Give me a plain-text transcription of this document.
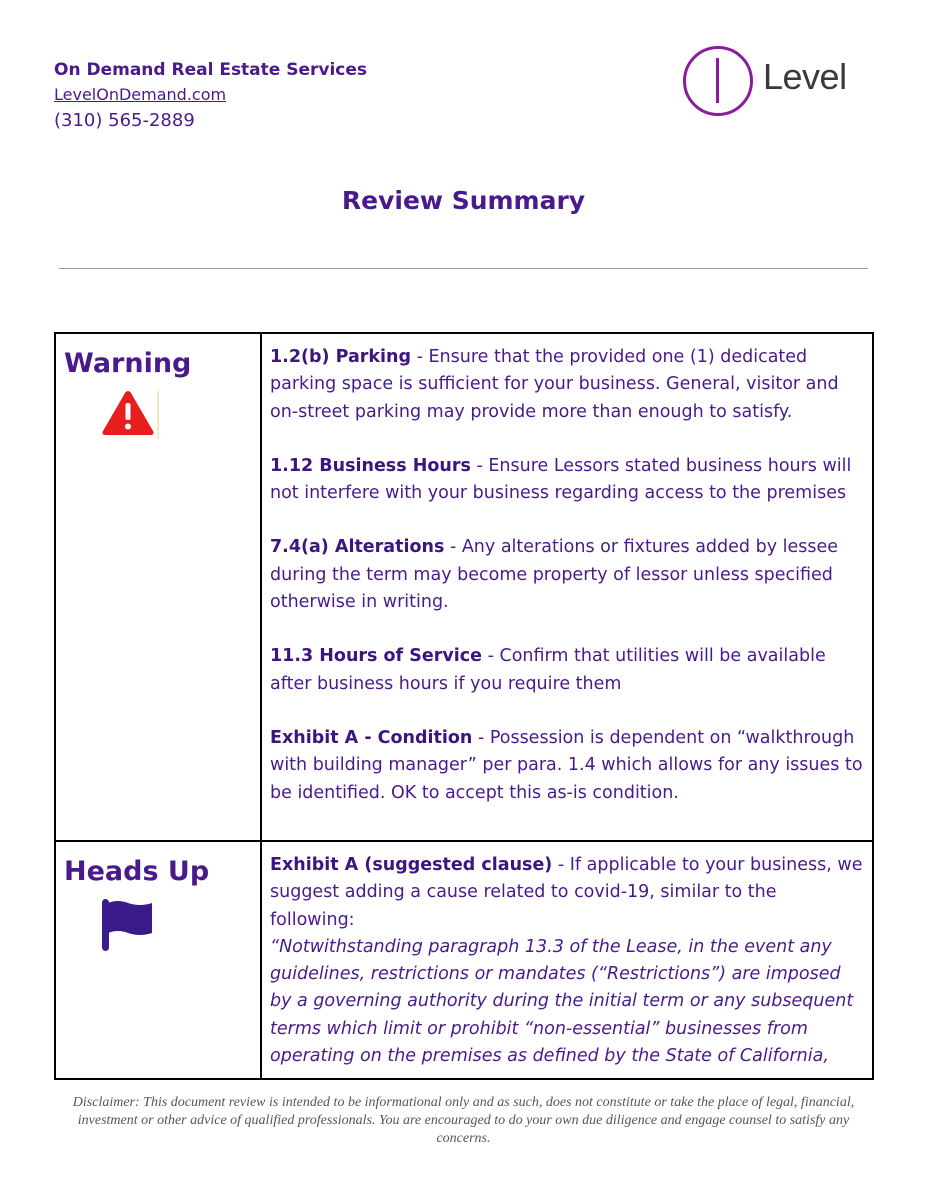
On Demand Real Estate Services
LevelOnDemand.com
(310) 565-2889
Level
Review Summary
Warning	1.2(b) Parking - Ensure that the provided one (1) dedicated parking space is sufficient for your business. General, visitor and on-street parking may provide more than enough to satisfy.

1.12 Business Hours - Ensure Lessors stated business hours will not interfere with your business regarding access to the premises

7.4(a) Alterations - Any alterations or fixtures added by lessee during the term may become property of lessor unless specified otherwise in writing.

11.3 Hours of Service - Confirm that utilities will be available after business hours if you require them

Exhibit A - Condition - Possession is dependent on “walkthrough with building manager” per para. 1.4 which allows for any issues to be identified. OK to accept this as-is condition.

Heads Up	Exhibit A (suggested clause) - If applicable to your business, we suggest adding a cause related to covid-19, similar to the following:

“Notwithstanding paragraph 13.3 of the Lease, in the event any guidelines, restrictions or mandates (“Restrictions”) are imposed by a governing authority during the initial term or any subsequent terms which limit or prohibit “non-essential” businesses from operating on the premises as defined by the State of California,

Disclaimer: This document review is intended to be informational only and as such, does not constitute or take the place of legal, financial, investment or other advice of qualified professionals. You are encouraged to do your own due diligence and engage counsel to satisfy any concerns.
